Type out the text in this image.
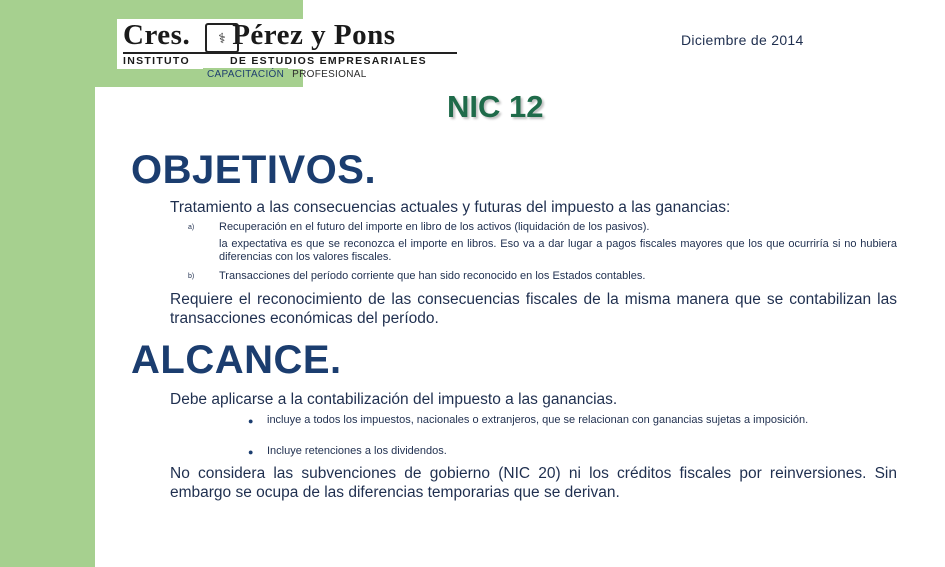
Cres. Pérez y Pons
⚕
INSTITUTO	DE ESTUDIOS EMPRESARIALES
CAPACITACIÓN PROFESIONAL
Diciembre de 2014
NIC 12
OBJETIVOS.
Tratamiento a las consecuencias actuales y futuras del impuesto a las ganancias:
a) Recuperación en el futuro del importe en libro de los activos (liquidación de los pasivos).
la expectativa es que se reconozca el importe en libros. Eso va a dar lugar a pagos fiscales mayores que los que ocurriría si no hubiera diferencias con los valores fiscales.
b) Transacciones del período corriente que han sido reconocido en los Estados contables.
Requiere el reconocimiento de las consecuencias fiscales de la misma manera que se contabilizan las transacciones económicas del período.
ALCANCE.
Debe aplicarse a la contabilización del impuesto a las ganancias.
● incluye a todos los impuestos, nacionales o extranjeros, que se relacionan con ganancias sujetas a imposición.
● Incluye retenciones a los dividendos.
No considera las subvenciones de gobierno (NIC 20) ni los créditos fiscales por reinversiones. Sin embargo se ocupa de las diferencias temporarias que se derivan.
